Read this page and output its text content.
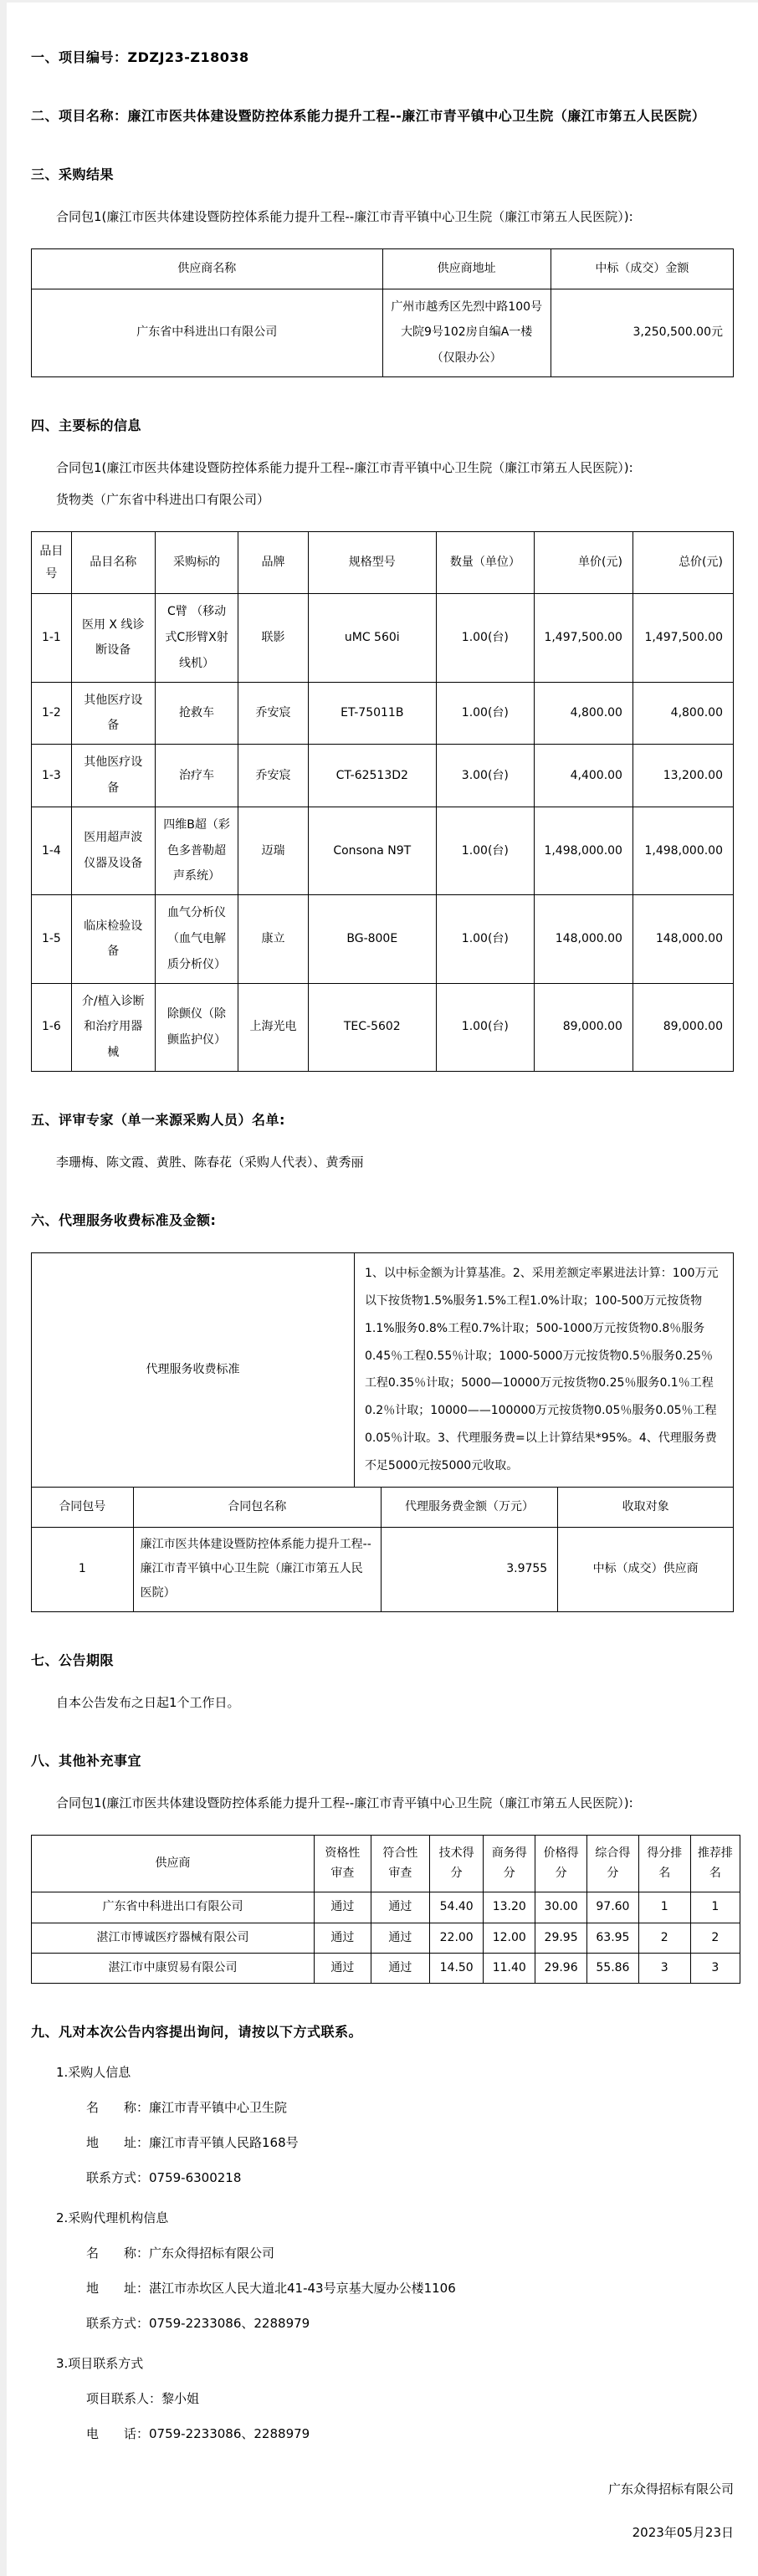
一、项目编号：ZDZJ23-Z18038
二、项目名称：廉江市医共体建设暨防控体系能力提升工程--廉江市青平镇中心卫生院（廉江市第五人民医院）
三、采购结果
合同包1(廉江市医共体建设暨防控体系能力提升工程--廉江市青平镇中心卫生院（廉江市第五人民医院）):
供应商名称	供应商地址	中标（成交）金额
广东省中科进出口有限公司	广州市越秀区先烈中路100号大院9号102房自编A一楼（仅限办公）	3,250,500.00元
四、主要标的信息
合同包1(廉江市医共体建设暨防控体系能力提升工程--廉江市青平镇中心卫生院（廉江市第五人民医院）):
货物类（广东省中科进出口有限公司）
品目号	品目名称	采购标的	品牌	规格型号	数量（单位）	单价(元)	总价(元)
1-1	医用 X 线诊断设备	C臂 （移动式C形臂X射线机）	联影	uMC 560i	1.00(台)	1,497,500.00	1,497,500.00
1-2	其他医疗设备	抢救车	乔安宸	ET-75011B	1.00(台)	4,800.00	4,800.00
1-3	其他医疗设备	治疗车	乔安宸	CT-62513D2	3.00(台)	4,400.00	13,200.00
1-4	医用超声波仪器及设备	四维B超（彩色多普勒超声系统）	迈瑞	Consona N9T	1.00(台)	1,498,000.00	1,498,000.00
1-5	临床检验设备	血气分析仪（血气电解质分析仪）	康立	BG-800E	1.00(台)	148,000.00	148,000.00
1-6	介/植入诊断和治疗用器械	除颤仪（除颤监护仪）	上海光电	TEC-5602	1.00(台)	89,000.00	89,000.00
五、评审专家（单一来源采购人员）名单:
李珊梅、陈文霞、黄胜、陈春花（采购人代表）、黄秀丽
六、代理服务收费标准及金额:
代理服务收费标准	1、以中标金额为计算基准。2、采用差额定率累进法计算：100万元以下按货物1.5%服务1.5%工程1.0%计取；100-500万元按货物1.1%服务0.8%工程0.7%计取；500-1000万元按货物0.8％服务0.45％工程0.55％计取；1000-5000万元按货物0.5％服务0.25％工程0.35％计取；5000—10000万元按货物0.25％服务0.1％工程0.2％计取；10000——100000万元按货物0.05％服务0.05％工程0.05％计取。3、代理服务费=以上计算结果*95%。4、代理服务费不足5000元按5000元收取。
合同包号	合同包名称	代理服务费金额（万元）	收取对象
1	廉江市医共体建设暨防控体系能力提升工程--廉江市青平镇中心卫生院（廉江市第五人民医院）	3.9755	中标（成交）供应商
七、公告期限
自本公告发布之日起1个工作日。
八、其他补充事宜
合同包1(廉江市医共体建设暨防控体系能力提升工程--廉江市青平镇中心卫生院（廉江市第五人民医院）):
供应商	资格性审查	符合性审查	技术得分	商务得分	价格得分	综合得分	得分排名	推荐排名
广东省中科进出口有限公司	通过	通过	54.40	13.20	30.00	97.60	1	1
湛江市博诚医疗器械有限公司	通过	通过	22.00	12.00	29.95	63.95	2	2
湛江市中康贸易有限公司	通过	通过	14.50	11.40	29.96	55.86	3	3
九、凡对本次公告内容提出询问，请按以下方式联系。
1.采购人信息
名　　称：廉江市青平镇中心卫生院
地　　址：廉江市青平镇人民路168号
联系方式：0759-6300218
2.采购代理机构信息
名　　称：广东众得招标有限公司
地　　址：湛江市赤坎区人民大道北41-43号京基大厦办公楼1106
联系方式：0759-2233086、2288979
3.项目联系方式
项目联系人：黎小姐
电　　话：0759-2233086、2288979
广东众得招标有限公司
2023年05月23日
